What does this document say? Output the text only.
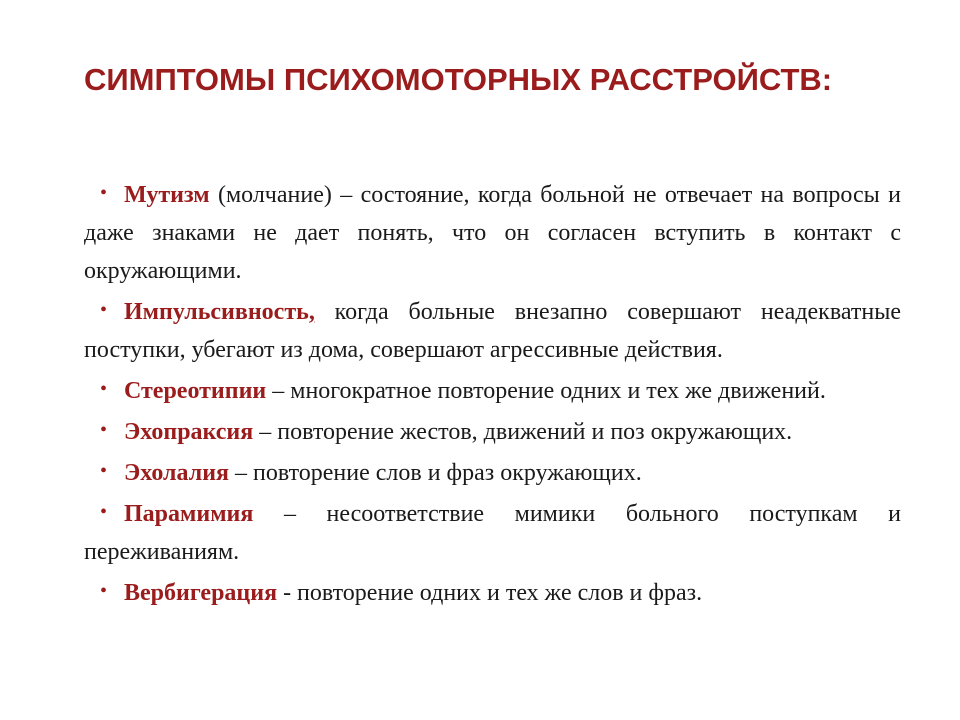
СИМПТОМЫ ПСИХОМОТОРНЫХ РАССТРОЙСТВ:
• Мутизм (молчание) – состояние, когда больной не отвечает на вопросы и даже знаками не дает понять, что он согласен вступить в контакт с окружающими.
• Импульсивность, когда больные внезапно совершают неадекватные поступки, убегают из дома, совершают агрессивные действия.
• Стереотипии – многократное повторение одних и тех же движений.
• Эхопраксия – повторение жестов, движений и поз окружающих.
• Эхолалия – повторение слов и фраз окружающих.
• Парамимия – несоответствие мимики больного поступкам и переживаниям.
• Вербигерация - повторение одних и тех же слов и фраз.
